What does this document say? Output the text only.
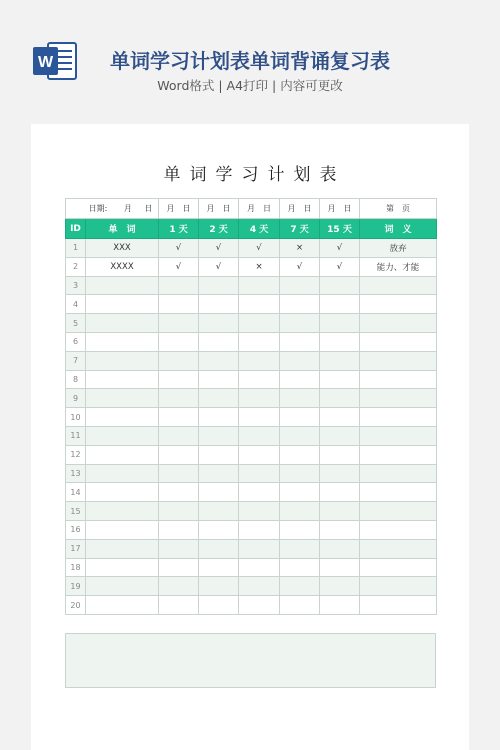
W	单词学习计划表单词背诵复习表
Word格式 | A4打印 | 内容可更改
单词学习计划表
日期: 月 日		月　 日	月　 日	月　 日	月　 日	月　 日	第　页
ID	单　词	1 天	2 天	4 天	7 天	15 天	词　义
1	XXX	√	√	√	×	√	放弃
2	XXXX	√	√	×	√	√	能力、才能
3							
4							
5							
6							
7							
8							
9							
10							
11							
12							
13							
14							
15							
16							
17							
18							
19							
20							
